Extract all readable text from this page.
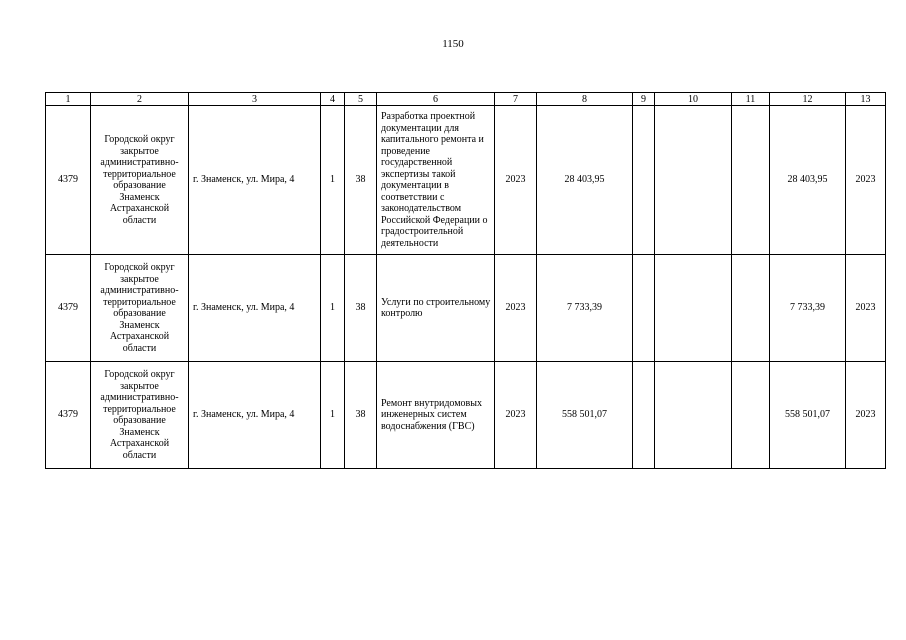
1150
1	2	3	4	5	6	7	8	9	10	11	12	13
4379	Городской округ закрытое административно-территориальное образование Знаменск Астраханской области	г. Знаменск, ул. Мира, 4	1	38	Разработка проектной документации для капитального ремонта и проведение государственной экспертизы такой документации в соответствии с законодательством Российской Федерации о градостроительной деятельности	2023	28 403,95				28 403,95	2023
4379	Городской округ закрытое административно-территориальное образование Знаменск Астраханской области	г. Знаменск, ул. Мира, 4	1	38	Услуги по строительному контролю	2023	7 733,39				7 733,39	2023
4379	Городской округ закрытое административно-территориальное образование Знаменск Астраханской области	г. Знаменск, ул. Мира, 4	1	38	Ремонт внутридомовых инженерных систем водоснабжения (ГВС)	2023	558 501,07				558 501,07	2023
